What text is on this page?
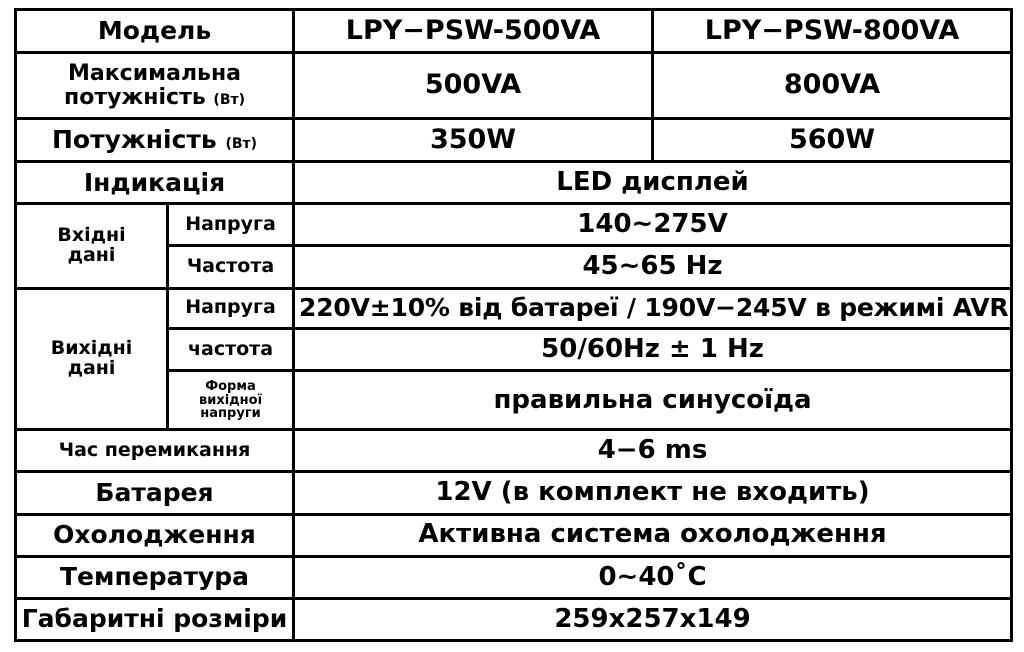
Модель		LPY−PSW-500VA	LPY−PSW-800VA

Максимальна
потужність (Вт)		500VA	800VA
Потужність (Вт)		350W	560W
Індикація		LED дисплей	

Вхідні
дані	Напруга	140~275V	
	Частота	45~65 Hz	

Вихідні
дані	Напруга	220V±10% від батареї / 190V−245V в режимі AVR	
	частота	50/60Hz ± 1 Hz	

	Форма вихідної
напруги	правильна синусоїда	
Час перемикання		4−6 ms	
Батарея		12V (в комплект не входить)	
Охолодження		Активна система охолодження	
Температура		0~40˚C	
Габаритні розміри		259x257x149	
